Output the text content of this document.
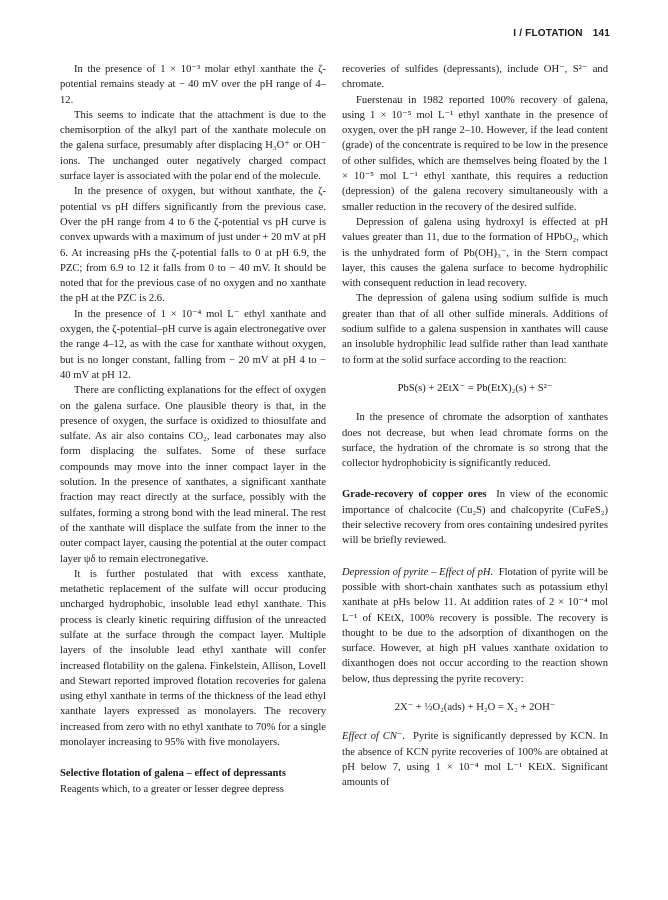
I / FLOTATION 141

In the presence of 1 × 10⁻³ molar ethyl xanthate the ζ-potential remains steady at − 40 mV over the pH range of 4–12.

This seems to indicate that the attachment is due to the chemisorption of the alkyl part of the xanthate molecule on the galena surface, presumably after displacing H₃O⁺ or OH⁻ ions. The unchanged outer negatively charged compact surface layer is associated with the polar end of the molecule.

In the presence of oxygen, but without xanthate, the ζ-potential vs pH differs significantly from the previous case. Over the pH range from 4 to 6 the ζ-potential vs pH curve is convex upwards with a maximum of just under + 20 mV at pH 6. At increasing pHs the ζ-potential falls to 0 at pH 6.9, the PZC; from 6.9 to 12 it falls from 0 to − 40 mV. It should be noted that for the previous case of no oxygen and no xanthate the pH at the PZC is 2.6.

In the presence of 1 × 10⁻⁴ mol L⁻ ethyl xanthate and oxygen, the ζ-potential–pH curve is again electronegative over the range 4–12, as with the case for xanthate without oxygen, but is no longer constant, falling from − 20 mV at pH 4 to − 40 mV at pH 12.

There are conflicting explanations for the effect of oxygen on the galena surface. One plausible theory is that, in the presence of oxygen, the surface is oxidized to thiosulfate and sulfate. As air also contains CO₂, lead carbonates may also form displacing the sulfates. Some of these surface compounds may move into the inner compact layer in the solution. In the presence of xanthates, a significant xanthate fraction may react directly at the surface, possibly with the sulfates, forming a strong bond with the lead mineral. The rest of the xanthate will displace the sulfate from the inner to the outer compact layer, causing the potential at the outer compact layer ψδ to remain electronegative.

It is further postulated that with excess xanthate, metathetic replacement of the sulfate will occur producing uncharged hydrophobic, insoluble lead ethyl xanthate. This process is clearly kinetic requiring diffusion of the unreacted sulfate at the surface through the compact layer. Multiple layers of the insoluble lead ethyl xanthate will confer increased flotability on the galena. Finkelstein, Allison, Lovell and Stewart reported improved flotation recoveries for galena using ethyl xanthate in terms of the thickness of the lead ethyl xanthate layers expressed as monolayers. The recovery increased from zero with no ethyl xanthate to 70% for a single monolayer increasing to 95% with five monolayers.

Selective flotation of galena – effect of depressants

Reagents which, to a greater or lesser degree depress

recoveries of sulfides (depressants), include OH⁻, S²⁻ and chromate.

Fuerstenau in 1982 reported 100% recovery of galena, using 1 × 10⁻⁵ mol L⁻¹ ethyl xanthate in the presence of oxygen, over the pH range 2–10. However, if the lead content (grade) of the concentrate is required to be low in the presence of other sulfides, which are themselves being floated by the 1 × 10⁻⁵ mol L⁻¹ ethyl xanthate, this requires a reduction (depression) of the galena recovery simultaneously with a smaller reduction in the recovery of the desired sulfide.

Depression of galena using hydroxyl is effected at pH values greater than 11, due to the formation of HPbO₂, which is the unhydrated form of Pb(OH)₃⁻, in the Stern compact layer, this causes the galena surface to become hydrophilic with consequent reduction in lead recovery.

The depression of galena using sodium sulfide is much greater than that of all other sulfide minerals. Additions of sodium sulfide to a galena suspension in xanthates will cause an insoluble hydrophilic lead sulfide rather than lead xanthate to form at the solid surface according to the reaction:

PbS(s) + 2EtX⁻ = Pb(EtX)₂(s) + S²⁻

In the presence of chromate the adsorption of xanthates does not decrease, but when lead chromate forms on the surface, the hydration of the chromate is so strong that the collector hydrophobicity is significantly reduced.

Grade-recovery of copper ores In view of the economic importance of chalcocite (Cu₂S) and chalcopyrite (CuFeS₂) their selective recovery from ores containing undesired pyrites will be briefly reviewed.

Depression of pyrite – Effect of pH. Flotation of pyrite will be possible with short-chain xanthates such as potassium ethyl xanthate at pHs below 11. At addition rates of 2 × 10⁻⁴ mol L⁻¹ of KEtX, 100% recovery is possible. The recovery is thought to be due to the adsorption of dixanthogen on the surface. However, at high pH values xanthate oxidation to dixanthogen does not occur according to the reaction shown below, thus depressing the pyrite recovery:

2X⁻ + ½O₂(ads) + H₂O = X₂ + 2OH⁻

Effect of CN⁻. Pyrite is significantly depressed by KCN. In the absence of KCN pyrite recoveries of 100% are obtained at pH below 7, using 1 × 10⁻⁴ mol L⁻¹ KEtX. Significant amounts of
